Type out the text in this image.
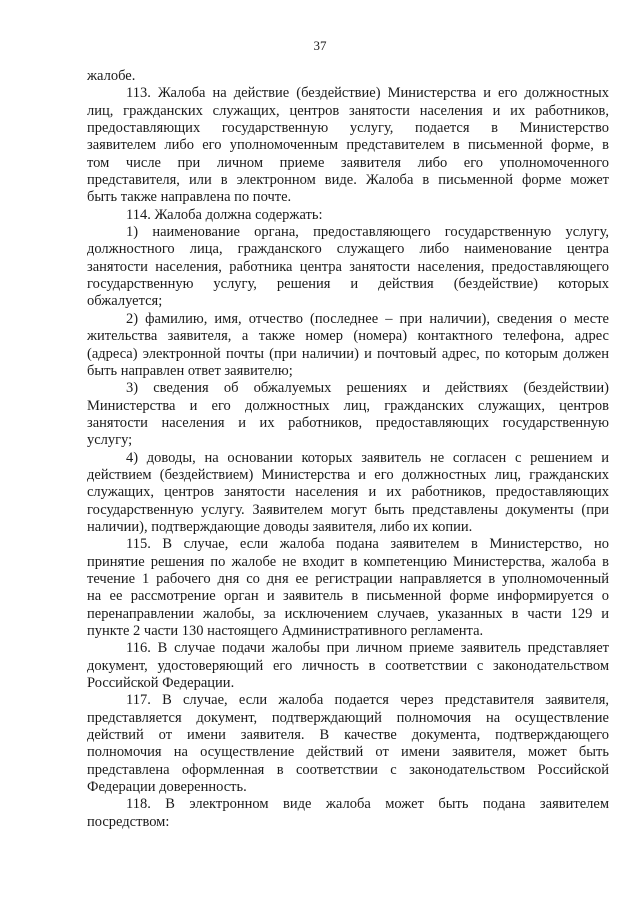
37
жалобе.
113. Жалоба на действие (бездействие) Министерства и его должностных
лиц, гражданских служащих, центров занятости населения и их работников,
предоставляющих государственную услугу, подается в Министерство
заявителем либо его уполномоченным представителем в письменной форме, в
том числе при личном приеме заявителя либо его уполномоченного
представителя, или в электронном виде. Жалоба в письменной форме может
быть также направлена по почте.
114. Жалоба должна содержать:
1) наименование органа, предоставляющего государственную услугу,
должностного лица, гражданского служащего либо наименование центра
занятости населения, работника центра занятости населения, предоставляющего
государственную услугу, решения и действия (бездействие) которых
обжалуется;
2) фамилию, имя, отчество (последнее – при наличии), сведения о месте
жительства заявителя, а также номер (номера) контактного телефона, адрес
(адреса) электронной почты (при наличии) и почтовый адрес, по которым должен
быть направлен ответ заявителю;
3) сведения об обжалуемых решениях и действиях (бездействии)
Министерства и его должностных лиц, гражданских служащих, центров
занятости населения и их работников, предоставляющих государственную
услугу;
4) доводы, на основании которых заявитель не согласен с решением и
действием (бездействием) Министерства и его должностных лиц, гражданских
служащих, центров занятости населения и их работников, предоставляющих
государственную услугу. Заявителем могут быть представлены документы (при
наличии), подтверждающие доводы заявителя, либо их копии.
115. В случае, если жалоба подана заявителем в Министерство, но
принятие решения по жалобе не входит в компетенцию Министерства, жалоба в
течение 1 рабочего дня со дня ее регистрации направляется в уполномоченный
на ее рассмотрение орган и заявитель в письменной форме информируется о
перенаправлении жалобы, за исключением случаев, указанных в части 129 и
пункте 2 части 130 настоящего Административного регламента.
116. В случае подачи жалобы при личном приеме заявитель представляет
документ, удостоверяющий его личность в соответствии с законодательством
Российской Федерации.
117. В случае, если жалоба подается через представителя заявителя,
представляется документ, подтверждающий полномочия на осуществление
действий от имени заявителя. В качестве документа, подтверждающего
полномочия на осуществление действий от имени заявителя, может быть
представлена оформленная в соответствии с законодательством Российской
Федерации доверенность.
118. В электронном виде жалоба может быть подана заявителем
посредством:
